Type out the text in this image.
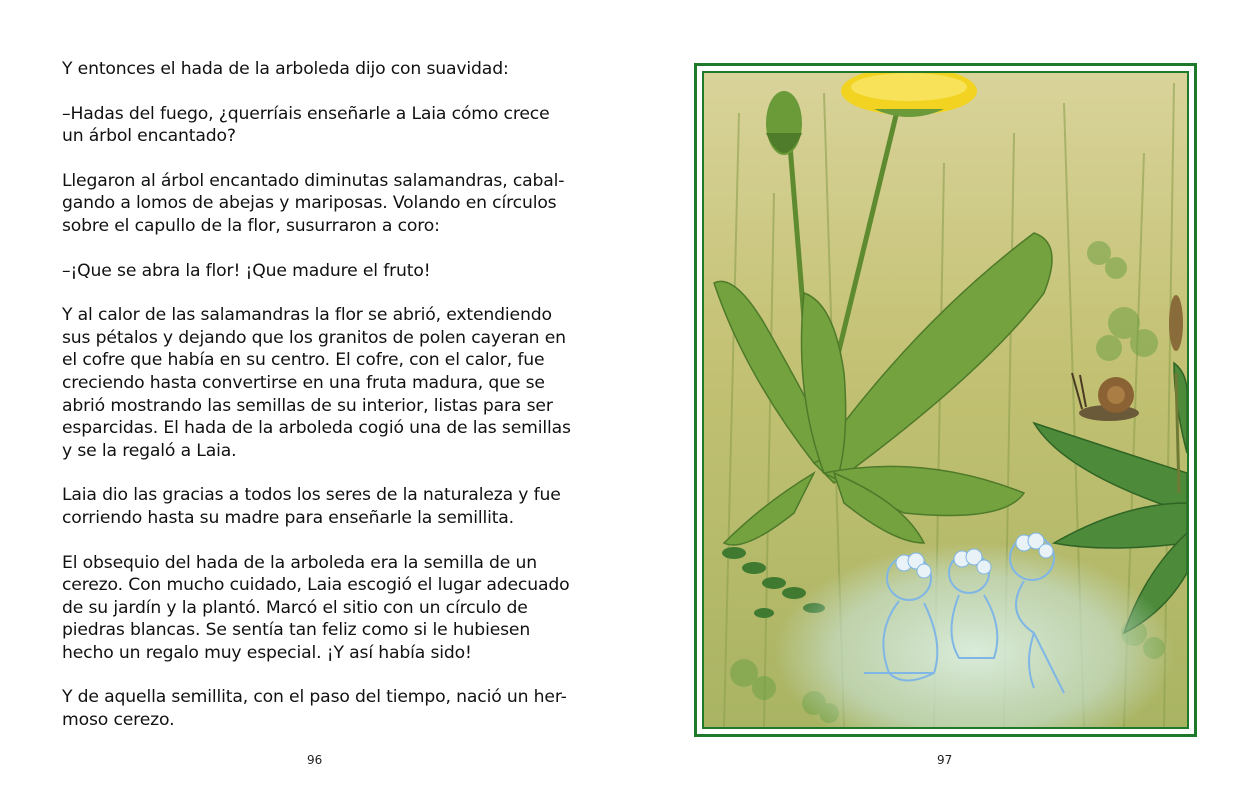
Y entonces el hada de la arboleda dijo con suavidad:

–Hadas del fuego, ¿querríais enseñarle a Laia cómo crece
un árbol encantado?

Llegaron al árbol encantado diminutas salamandras, cabal-
gando a lomos de abejas y mariposas. Volando en círculos
sobre el capullo de la flor, susurraron a coro:

–¡Que se abra la flor! ¡Que madure el fruto!

Y al calor de las salamandras la flor se abrió, extendiendo
sus pétalos y dejando que los granitos de polen cayeran en
el cofre que había en su centro. El cofre, con el calor, fue
creciendo hasta convertirse en una fruta madura, que se
abrió mostrando las semillas de su interior, listas para ser
esparcidas. El hada de la arboleda cogió una de las semillas
y se la regaló a Laia.

Laia dio las gracias a todos los seres de la naturaleza y fue
corriendo hasta su madre para enseñarle la semillita.

El obsequio del hada de la arboleda era la semilla de un
cerezo. Con mucho cuidado, Laia escogió el lugar adecuado
de su jardín y la plantó. Marcó el sitio con un círculo de
piedras blancas. Se sentía tan feliz como si le hubiesen
hecho un regalo muy especial. ¡Y así había sido!

Y de aquella semillita, con el paso del tiempo, nació un her-
moso cerezo.

96	97
